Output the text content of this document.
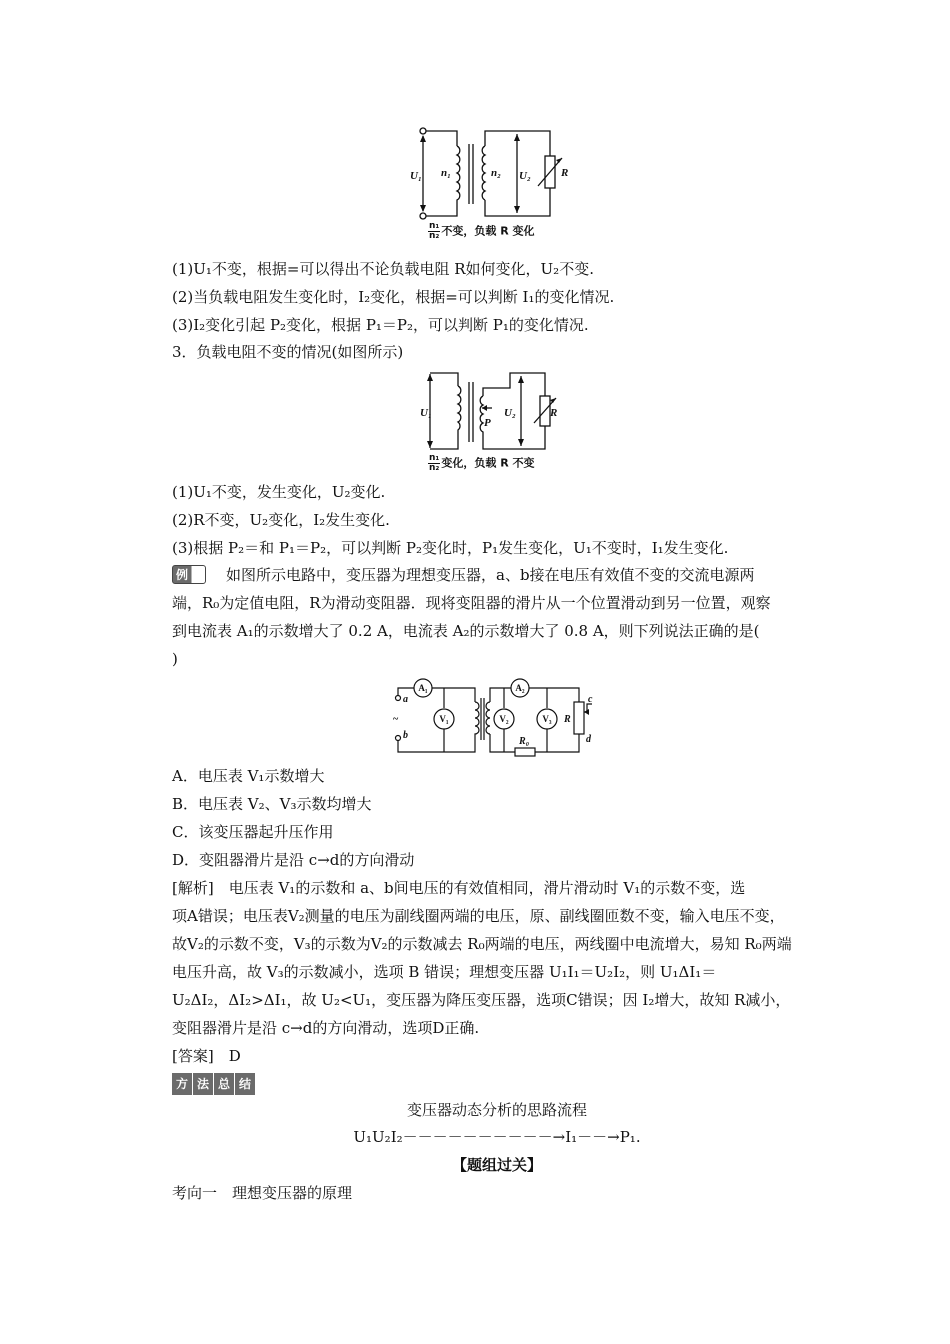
U₁ n₁	n₂ U₂	R
$\frac{\text{n₁}}{\text{n₂}}$ 不变，负载 R 变化
(1)U₁不变，根据=可以得出不论负载电阻 R如何变化，U₂不变.
(2)当负载电阻发生变化时，I₂变化，根据=可以判断 I₁的变化情况.
(3)I₂变化引起 P₂变化，根据 P₁＝P₂，可以判断 P₁的变化情况.
3．负载电阻不变的情况(如图所示)
U₁
P
U₂	R
$\frac{\text{n₁}}{\text{n₂}}$ 变化，负载 R 不变
(1)U₁不变，发生变化，U₂变化.
(2)R不变，U₂变化，I₂发生变化.
(3)根据 P₂＝和 P₁＝P₂，可以判断 P₂变化时，P₁发生变化，U₁不变时，I₁发生变化.
例	如图所示电路中，变压器为理想变压器，a、b接在电压有效值不变的交流电源两
端，R₀为定值电阻，R为滑动变阻器．现将变阻器的滑片从一个位置滑动到另一位置，观察
到电流表 A₁的示数增大了 0.2 A，电流表 A₂的示数增大了 0.8 A，则下列说法正确的是(
)
A₁	A₂
V₁	V₂	V₃
a
b
~	R
R₀
c
d
A．电压表 V₁示数增大
B．电压表 V₂、V₃示数均增大
C．该变压器起升压作用
D．变阻器滑片是沿 c→d的方向滑动
[解析]　电压表 V₁的示数和 a、b间电压的有效值相同，滑片滑动时 V₁的示数不变，选
项A错误；电压表V₂测量的电压为副线圈两端的电压，原、副线圈匝数不变，输入电压不变，
故V₂的示数不变，V₃的示数为V₂的示数减去 R₀两端的电压，两线圈中电流增大，易知 R₀两端
电压升高，故 V₃的示数减小，选项 B 错误；理想变压器 U₁I₁＝U₂I₂，则 U₁ΔI₁＝
U₂ΔI₂，ΔI₂>ΔI₁，故 U₂<U₁，变压器为降压变压器，选项C错误；因 I₂增大，故知 R减小，
变阻器滑片是沿 c→d的方向滑动，选项D正确.
[答案]　D
方 法 总 结
变压器动态分析的思路流程
U₁U₂I₂－－－－－－－－－－→I₁－－→P₁.
【题组过关】
考向一　理想变压器的原理
